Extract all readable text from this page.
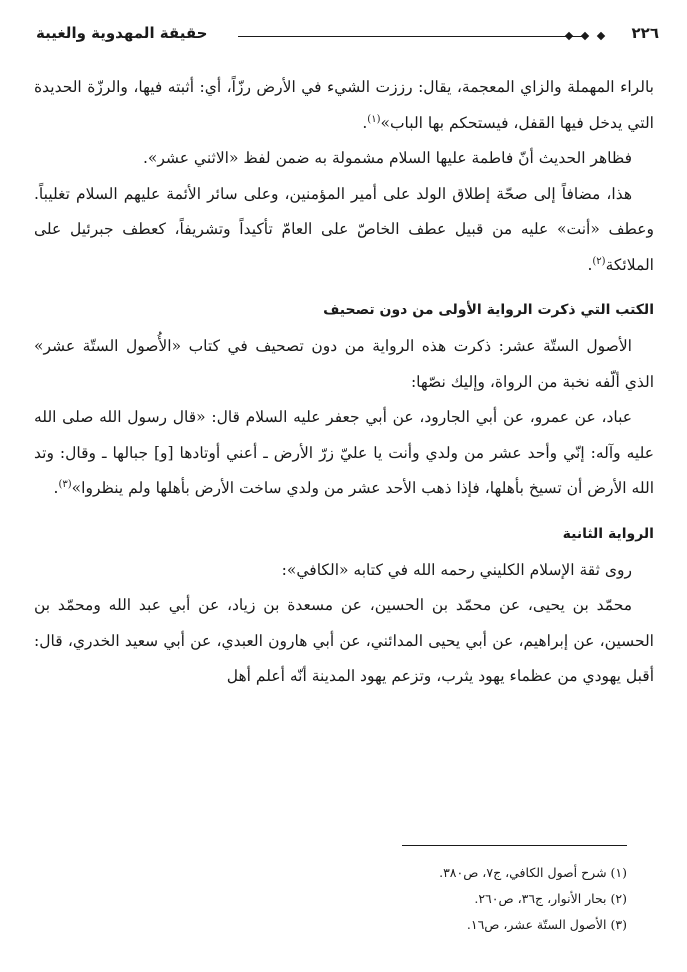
حقيقة المهدوية والغيبة	٢٢٦

بالراء المهملة والزاي المعجمة، يقال: رززت الشيء في الأرض رزّاً، أي: أثبته فيها، والرزّة الحديدة التي يدخل فيها القفل، فيستحكم بها الباب»$^{(١)}$.

فظاهر الحديث أنّ فاطمة عليها السلام مشمولة به ضمن لفظ «الاثني عشر».

هذا، مضافاً إلى صحّة إطلاق الولد على أمير المؤمنين، وعلى سائر الأئمة عليهم السلام تغليباً. وعطف «أنت» عليه من قبيل عطف الخاصّ على العامّ تأكيداً وتشريفاً، كعطف جبرئيل على الملائكة$^{(٢)}$.

الكتب التي ذكرت الرواية الأولى من دون تصحيف

الأصول الستّة عشر: ذكرت هذه الرواية من دون تصحيف في كتاب «الأُصول الستّة عشر» الذي ألّفه نخبة من الرواة، وإليك نصّها:

عباد، عن عمرو، عن أبي الجارود، عن أبي جعفر عليه السلام قال: «قال رسول الله صلى الله عليه وآله: إنّي وأحد عشر من ولدي وأنت يا عليّ زرّ الأرض ـ أعني أوتادها [و] جبالها ـ وقال: وتد الله الأرض أن تسيخ بأهلها، فإذا ذهب الأحد عشر من ولدي ساخت الأرض بأهلها ولم ينظروا»$^{(٣)}$.

الرواية الثانية

روى ثقة الإسلام الكليني رحمه الله في كتابه «الكافي»:

محمّد بن يحيى، عن محمّد بن الحسين، عن مسعدة بن زياد، عن أبي عبد الله ومحمّد بن الحسين، عن إبراهيم، عن أبي يحيى المدائني، عن أبي هارون العبدي، عن أبي سعيد الخدري، قال: أقبل يهودي من عظماء يهود يثرب، وتزعم يهود المدينة أنّه أعلم أهل

(١) شرح أصول الكافي، ج٧، ص٣٨٠.
(٢) بحار الأنوار، ج٣٦، ص٢٦٠.
(٣) الأصول الستّة عشر، ص١٦.
